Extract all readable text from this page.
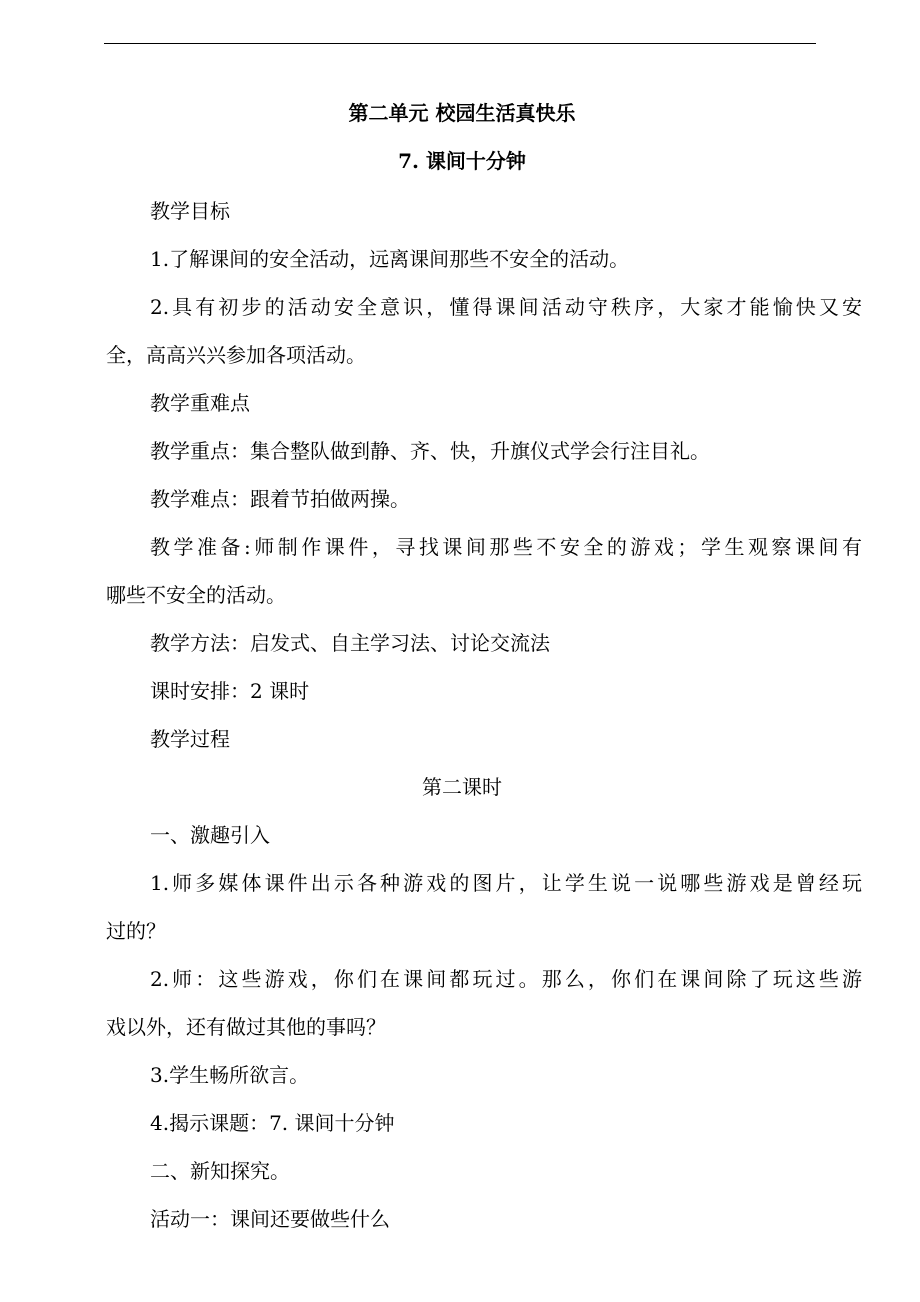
第二单元 校园生活真快乐
7. 课间十分钟
教学目标
1.了解课间的安全活动，远离课间那些不安全的活动。
2.具有初步的活动安全意识，懂得课间活动守秩序，大家才能愉快又安
全，高高兴兴参加各项活动。
教学重难点
教学重点：集合整队做到静、齐、快，升旗仪式学会行注目礼。
教学难点：跟着节拍做两操。
教学准备:师制作课件，寻找课间那些不安全的游戏；学生观察课间有
哪些不安全的活动。
教学方法：启发式、自主学习法、讨论交流法
课时安排：2 课时
教学过程
第二课时
一、激趣引入
1.师多媒体课件出示各种游戏的图片，让学生说一说哪些游戏是曾经玩
过的？
2.师：这些游戏，你们在课间都玩过。那么，你们在课间除了玩这些游
戏以外，还有做过其他的事吗？
3.学生畅所欲言。
4.揭示课题：7. 课间十分钟
二、新知探究。
活动一：课间还要做些什么
